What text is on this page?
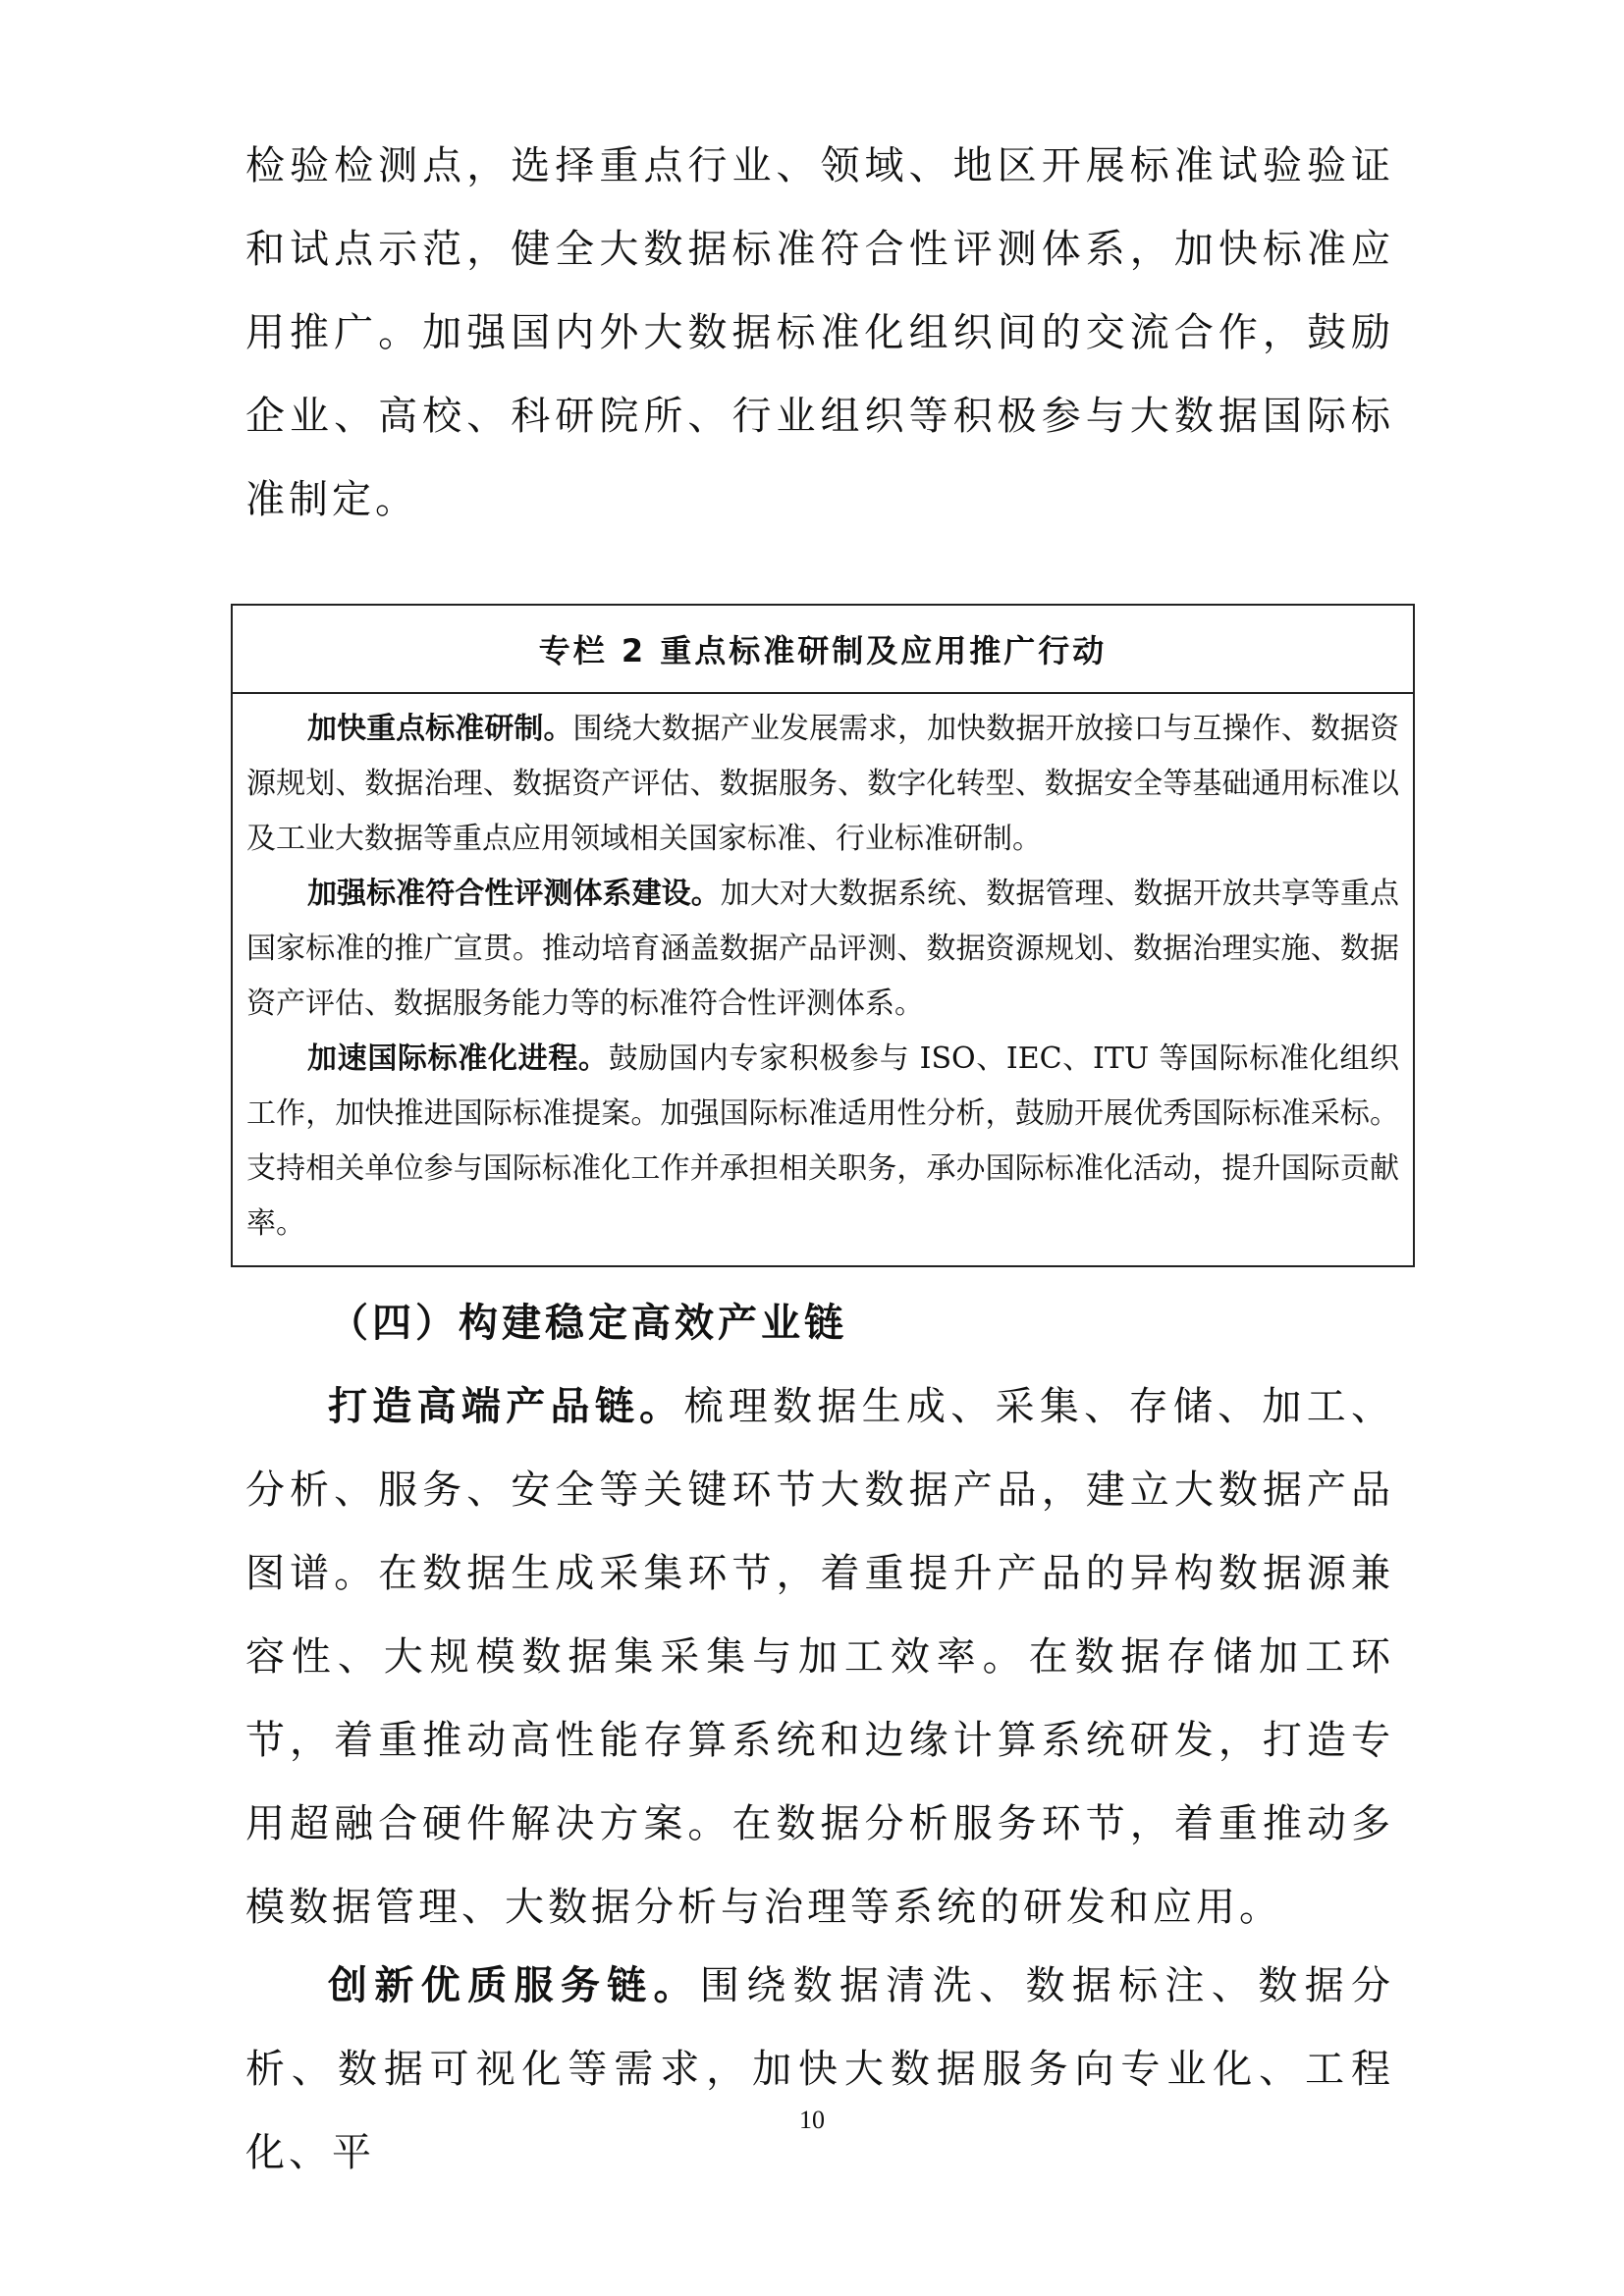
检验检测点，选择重点行业、领域、地区开展标准试验验证和试点示范，健全大数据标准符合性评测体系，加快标准应用推广。加强国内外大数据标准化组织间的交流合作，鼓励企业、高校、科研院所、行业组织等积极参与大数据国际标准制定。

专栏 2 重点标准研制及应用推广行动

加快重点标准研制。围绕大数据产业发展需求，加快数据开放接口与互操作、数据资源规划、数据治理、数据资产评估、数据服务、数字化转型、数据安全等基础通用标准以及工业大数据等重点应用领域相关国家标准、行业标准研制。

加强标准符合性评测体系建设。加大对大数据系统、数据管理、数据开放共享等重点国家标准的推广宣贯。推动培育涵盖数据产品评测、数据资源规划、数据治理实施、数据资产评估、数据服务能力等的标准符合性评测体系。

加速国际标准化进程。鼓励国内专家积极参与 ISO、IEC、ITU 等国际标准化组织工作，加快推进国际标准提案。加强国际标准适用性分析，鼓励开展优秀国际标准采标。支持相关单位参与国际标准化工作并承担相关职务，承办国际标准化活动，提升国际贡献率。

（四）构建稳定高效产业链

打造高端产品链。梳理数据生成、采集、存储、加工、分析、服务、安全等关键环节大数据产品，建立大数据产品图谱。在数据生成采集环节，着重提升产品的异构数据源兼容性、大规模数据集采集与加工效率。在数据存储加工环节，着重推动高性能存算系统和边缘计算系统研发，打造专用超融合硬件解决方案。在数据分析服务环节，着重推动多模数据管理、大数据分析与治理等系统的研发和应用。

创新优质服务链。围绕数据清洗、数据标注、数据分析、数据可视化等需求，加快大数据服务向专业化、工程化、平

10
